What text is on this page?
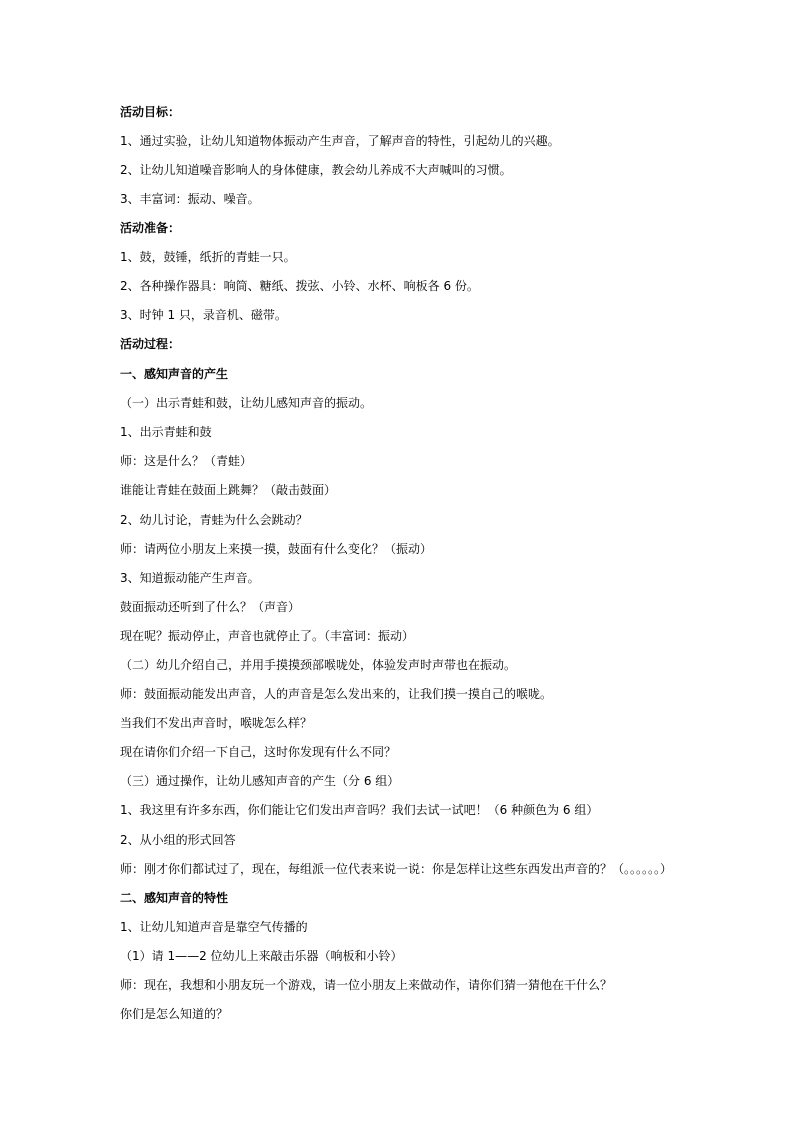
活动目标：
1、通过实验，让幼儿知道物体振动产生声音，了解声音的特性，引起幼儿的兴趣。
2、让幼儿知道噪音影响人的身体健康，教会幼儿养成不大声喊叫的习惯。
3、丰富词：振动、噪音。
活动准备：
1、鼓，鼓锤，纸折的青蛙一只。
2、各种操作器具：响筒、糖纸、拨弦、小铃、水杯、响板各 6 份。
3、时钟 1 只，录音机、磁带。
活动过程：
一、感知声音的产生
（一）出示青蛙和鼓，让幼儿感知声音的振动。
1、出示青蛙和鼓
师：这是什么？（青蛙）
谁能让青蛙在鼓面上跳舞？（敲击鼓面）
2、幼儿讨论，青蛙为什么会跳动？
师：请两位小朋友上来摸一摸，鼓面有什么变化？（振动）
3、知道振动能产生声音。
鼓面振动还听到了什么？（声音）
现在呢？振动停止，声音也就停止了。（丰富词：振动）
（二）幼儿介绍自己，并用手摸摸颈部喉咙处，体验发声时声带也在振动。
师：鼓面振动能发出声音，人的声音是怎么发出来的，让我们摸一摸自己的喉咙。
当我们不发出声音时，喉咙怎么样？
现在请你们介绍一下自己，这时你发现有什么不同？
（三）通过操作，让幼儿感知声音的产生（分 6 组）
1、我这里有许多东西，你们能让它们发出声音吗？我们去试一试吧！（6 种颜色为 6 组）
2、从小组的形式回答
师：刚才你们都试过了，现在，每组派一位代表来说一说：你是怎样让这些东西发出声音的？（。。。。。。）
二、感知声音的特性
1、让幼儿知道声音是靠空气传播的
（1）请 1——2 位幼儿上来敲击乐器（响板和小铃）
师：现在，我想和小朋友玩一个游戏，请一位小朋友上来做动作，请你们猜一猜他在干什么？
你们是怎么知道的？
